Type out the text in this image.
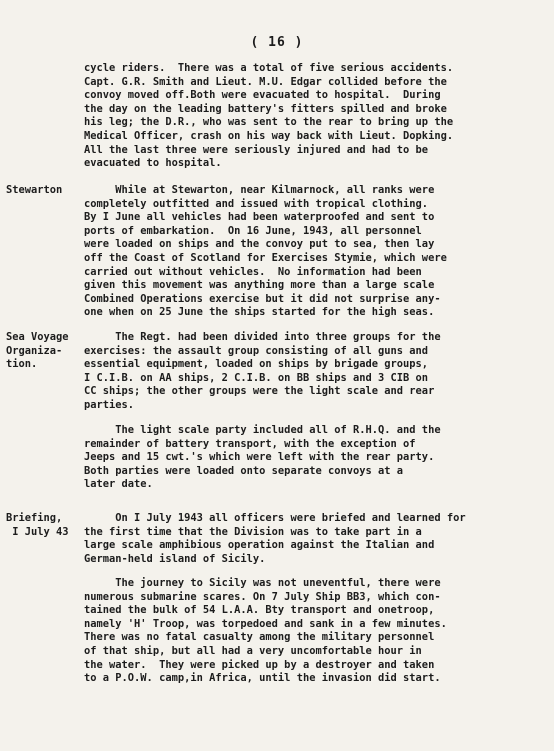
( 16 )
cycle riders.  There was a total of five serious accidents.
Capt. G.R. Smith and Lieut. M.U. Edgar collided before the
convoy moved off.Both were evacuated to hospital.  During
the day on the leading battery's fitters spilled and broke
his leg; the D.R., who was sent to the rear to bring up the
Medical Officer, crash on his way back with Lieut. Dopking.
All the last three were seriously injured and had to be
evacuated to hospital.
Stewarton	While at Stewarton, near Kilmarnock, all ranks were
completely outfitted and issued with tropical clothing.
By I June all vehicles had been waterproofed and sent to
ports of embarkation.  On 16 June, 1943, all personnel
were loaded on ships and the convoy put to sea, then lay
off the Coast of Scotland for Exercises Stymie, which were
carried out without vehicles.  No information had been
given this movement was anything more than a large scale
Combined Operations exercise but it did not surprise any-
one when on 25 June the ships started for the high seas.
Sea Voyage
Organiza-
tion.
The Regt. had been divided into three groups for the
exercises: the assault group consisting of all guns and
essential equipment, loaded on ships by brigade groups,
I C.I.B. on AA ships, 2 C.I.B. on BB ships and 3 CIB on
CC ships; the other groups were the light scale and rear
parties.
The light scale party included all of R.H.Q. and the
remainder of battery transport, with the exception of
Jeeps and 15 cwt.'s which were left with the rear party.
Both parties were loaded onto separate convoys at a
later date.
Briefing,
I July 43
On I July 1943 all officers were briefed and learned for
the first time that the Division was to take part in a
large scale amphibious operation against the Italian and
German-held island of Sicily.
The journey to Sicily was not uneventful, there were
numerous submarine scares. On 7 July Ship BB3, which con-
tained the bulk of 54 L.A.A. Bty transport and onetroop,
namely 'H' Troop, was torpedoed and sank in a few minutes.
There was no fatal casualty among the military personnel
of that ship, but all had a very uncomfortable hour in
the water.  They were picked up by a destroyer and taken
to a P.O.W. camp,in Africa, until the invasion did start.
